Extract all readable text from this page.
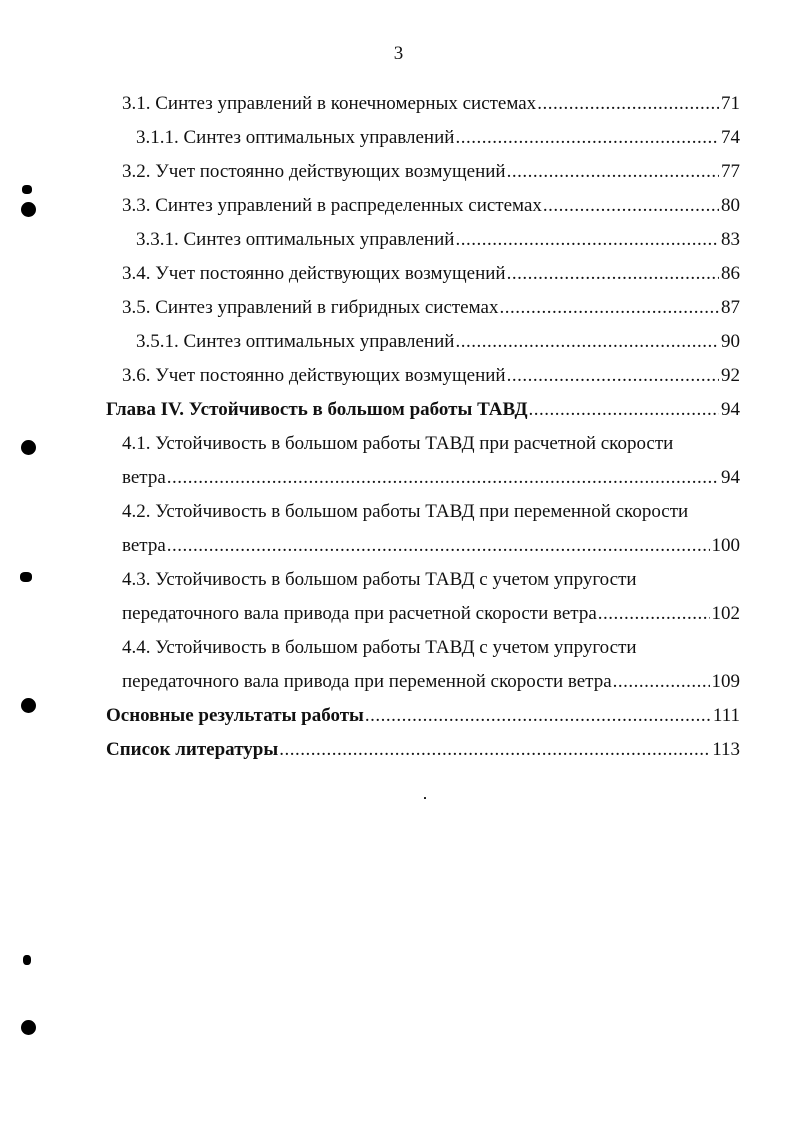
3
3.1. Синтез управлений в конечномерных системах .....	71
3.1.1. Синтез оптимальных управлений .....	74
3.2. Учет постоянно действующих возмущений .....	77
3.3. Синтез управлений в распределенных системах .....	80
3.3.1. Синтез оптимальных управлений .....	83
3.4. Учет постоянно действующих возмущений .....	86
3.5. Синтез управлений в гибридных системах .....	87
3.5.1. Синтез оптимальных управлений .....	90
3.6. Учет постоянно действующих возмущений .....	92
Глава IV. Устойчивость в большом работы ТАВД .....	94
4.1. Устойчивость в большом работы ТАВД при расчетной скорости
ветра .....	94
4.2. Устойчивость в большом работы ТАВД при переменной скорости
ветра .....	100
4.3. Устойчивость в большом работы ТАВД с учетом упругости
передаточного вала привода при расчетной скорости ветра .....	102
4.4. Устойчивость в большом работы ТАВД с учетом упругости
передаточного вала привода при переменной скорости ветра .....	109
Основные результаты работы .....	111
Список литературы .....	113
